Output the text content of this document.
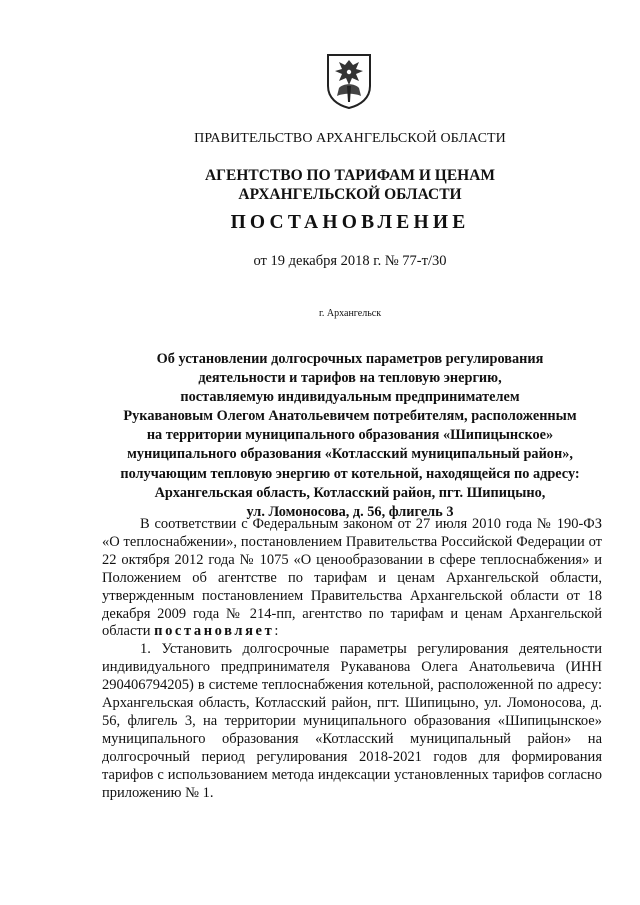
ПРАВИТЕЛЬСТВО АРХАНГЕЛЬСКОЙ ОБЛАСТИ
АГЕНТСТВО ПО ТАРИФАМ И ЦЕНАМ
АРХАНГЕЛЬСКОЙ ОБЛАСТИ
ПОСТАНОВЛЕНИЕ
от 19 декабря 2018 г. № 77-т/30
г. Архангельск
Об установлении долгосрочных параметров регулирования
деятельности и тарифов на тепловую энергию,
поставляемую индивидуальным предпринимателем
Рукавановым Олегом Анатольевичем потребителям, расположенным
на территории муниципального образования «Шипицынское»
муниципального образования «Котласский муниципальный район»,
получающим тепловую энергию от котельной, находящейся по адресу:
Архангельская область, Котласский район, пгт. Шипицыно,
ул. Ломоносова, д. 56, флигель 3

В соответствии с Федеральным законом от 27 июля 2010 года № 190-ФЗ «О теплоснабжении», постановлением Правительства Российской Федерации от 22 октября 2012 года № 1075 «О ценообразовании в сфере теплоснабжения» и Положением об агентстве по тарифам и ценам Архангельской области, утвержденным постановлением Правительства Архангельской области от 18 декабря 2009 года № 214-пп, агентство по тарифам и ценам Архангельской области постановляет:

1. Установить долгосрочные параметры регулирования деятельности индивидуального предпринимателя Рукаванова Олега Анатольевича (ИНН 290406794205) в системе теплоснабжения котельной, расположенной по адресу: Архангельская область, Котласский район, пгт. Шипицыно, ул. Ломоносова, д. 56, флигель 3, на территории муниципального образования «Шипицынское» муниципального образования «Котласский муниципальный район» на долгосрочный период регулирования 2018-2021 годов для формирования тарифов с использованием метода индексации установленных тарифов согласно приложению № 1.
